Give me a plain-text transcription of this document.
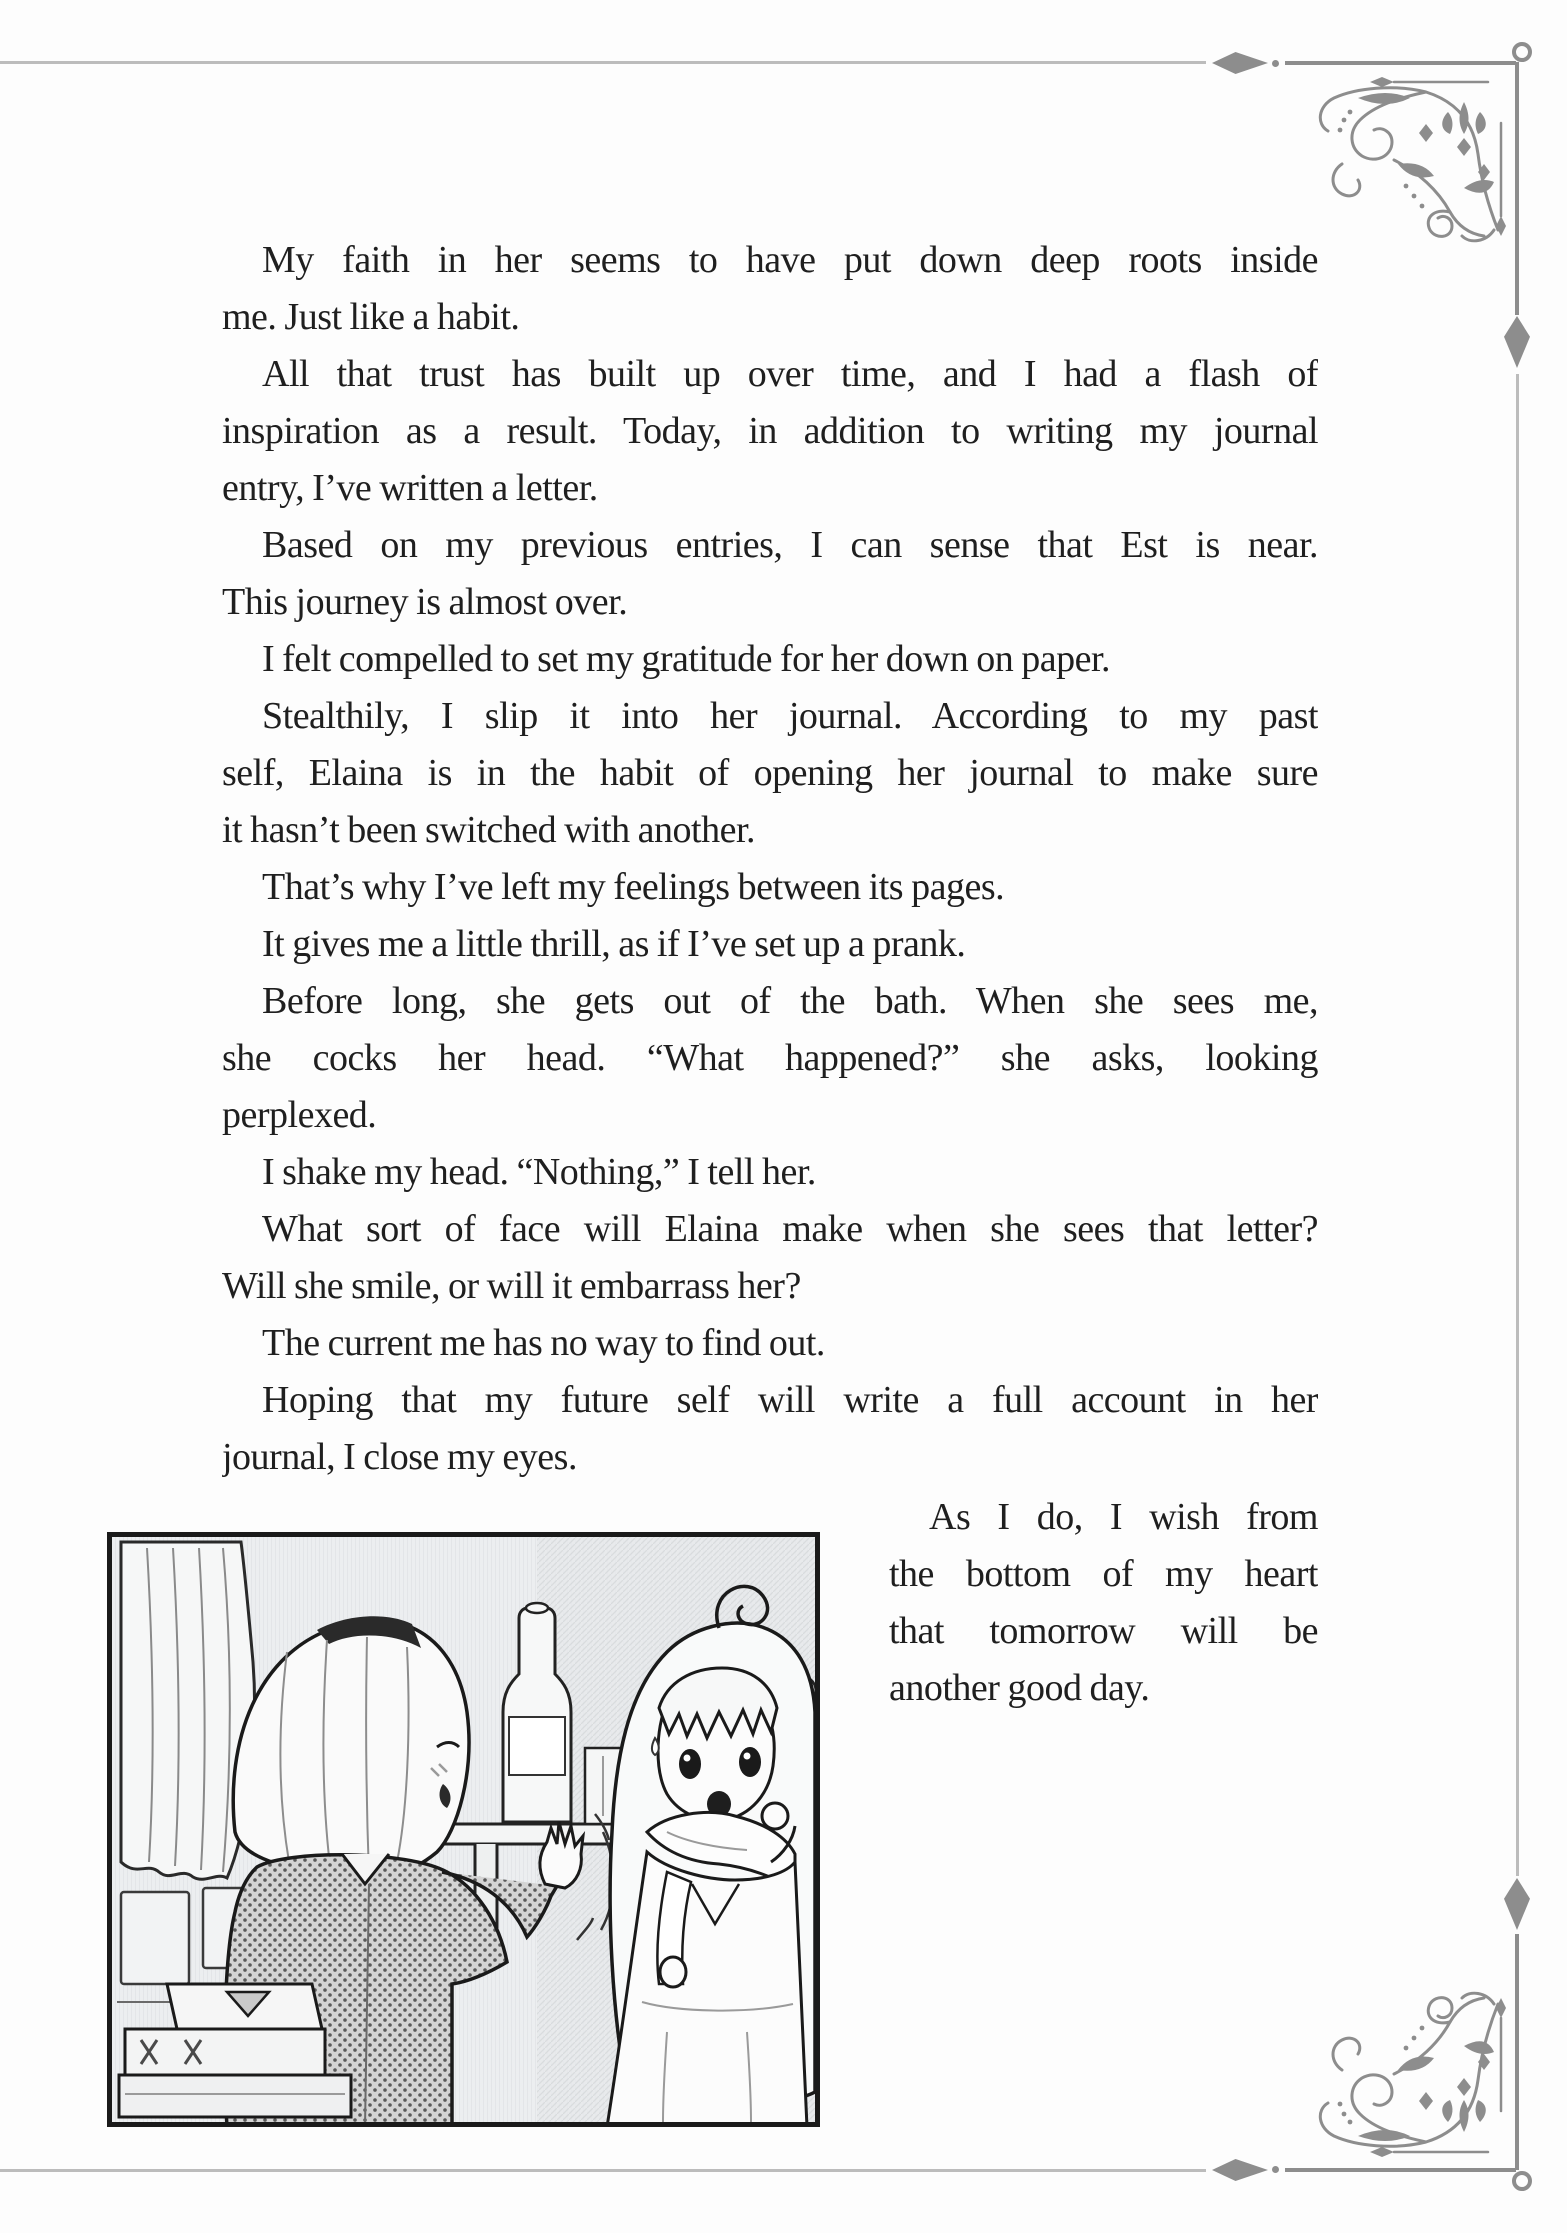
My faith in her seems to have put down deep roots inside
me. Just like a habit.
All that trust has built up over time, and I had a flash of
inspiration as a result. Today, in addition to writing my journal
entry, I’ve written a letter.
Based on my previous entries, I can sense that Est is near.
This journey is almost over.
I felt compelled to set my gratitude for her down on paper.
Stealthily, I slip it into her journal. According to my past
self, Elaina is in the habit of opening her journal to make sure
it hasn’t been switched with another.
That’s why I’ve left my feelings between its pages.
It gives me a little thrill, as if I’ve set up a prank.
Before long, she gets out of the bath. When she sees me,
she cocks her head. “What happened?” she asks, looking
perplexed.
I shake my head. “Nothing,” I tell her.
What sort of face will Elaina make when she sees that letter?
Will she smile, or will it embarrass her?
The current me has no way to find out.
Hoping that my future self will write a full account in her
journal, I close my eyes.
As I do, I wish from
the bottom of my heart
that tomorrow will be
another good day.
